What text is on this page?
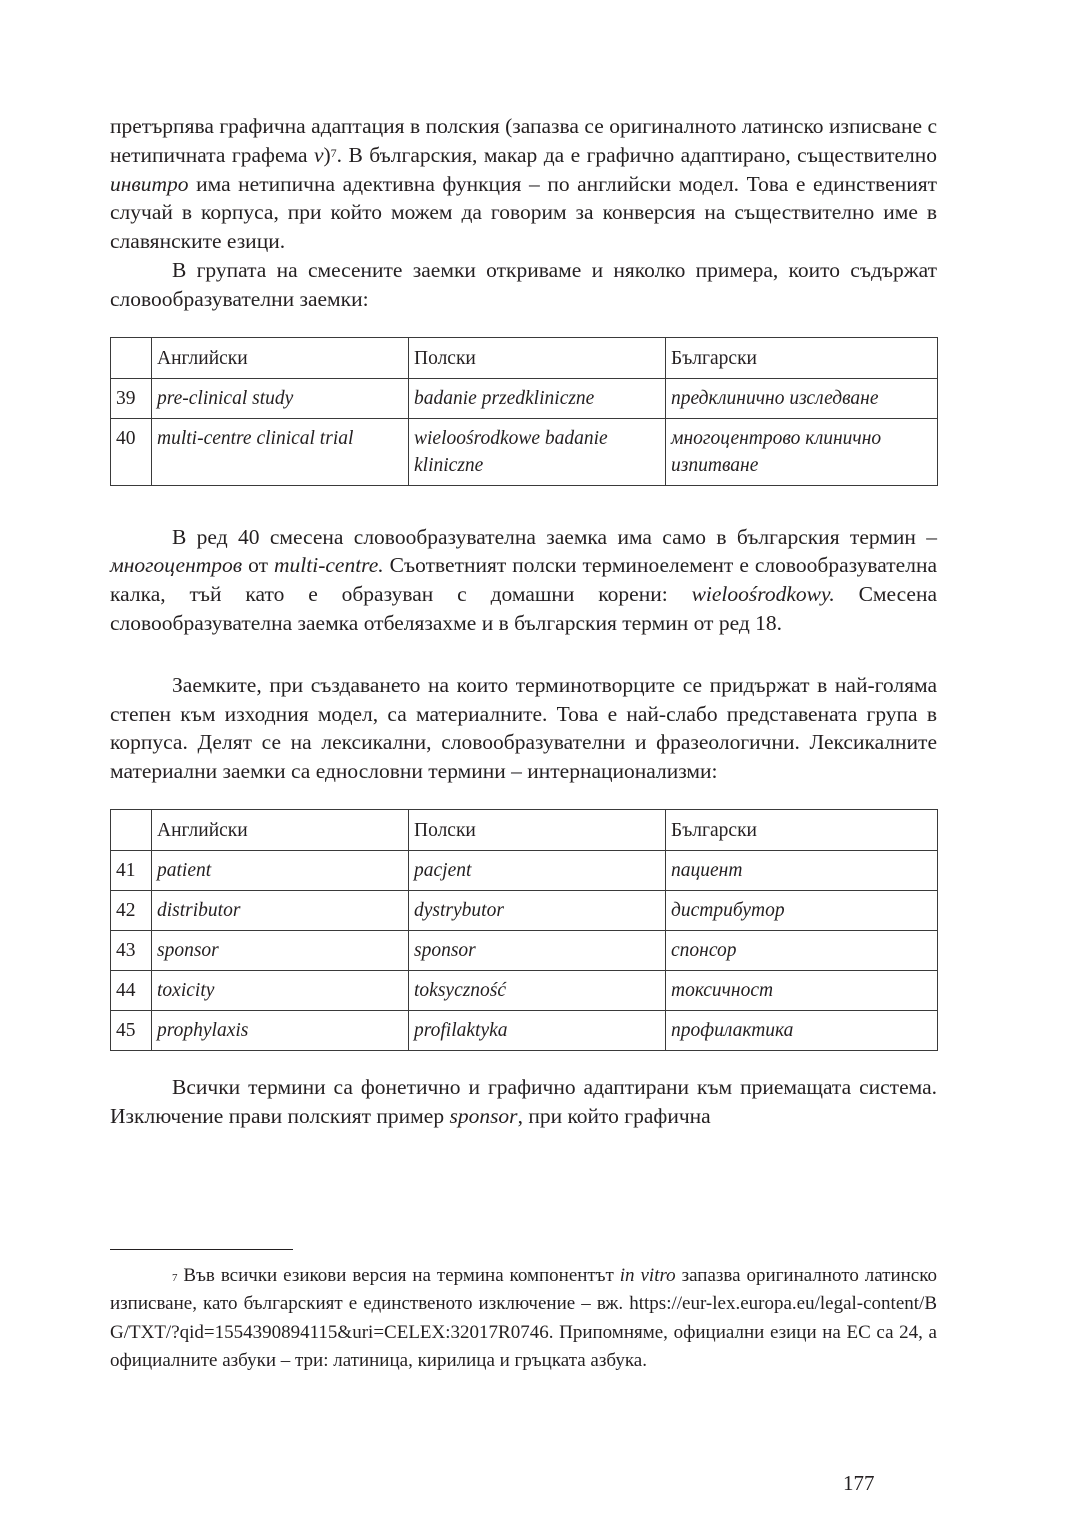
претърпява графична адаптация в полския (запазва се оригиналното латинско изписване с нетипичната графема v)$^7$. В българския, макар да е графично адаптирано, съществително инвитро има нетипична адективна функция – по английски модел. Това е единственият случай в корпуса, при който можем да говорим за конверсия на съществително име в славянските езици.

В групата на смесените заемки откриваме и няколко примера, които съдържат словообразувателни заемки:

	Английски	Полски	Български
39	pre-clinical study	badanie przedkliniczne	предклинично изследване
40	multi-centre clinical trial	wieloośrodkowe badanie kliniczne	многоцентрово клинично изпитване

В ред 40 смесена словообразувателна заемка има само в българския термин – многоцентров от multi-centre. Съответният полски терминоелемент е словообразувателна калка, тъй като е образуван с домашни корени: wieloośrodkowy. Смесена словообразувателна заемка отбелязахме и в българския термин от ред 18.

Заемките, при създаването на които терминотворците се придържат в най-голяма степен към изходния модел, са материалните. Това е най-слабо представената група в корпуса. Делят се на лексикални, словообразувателни и фразеологични. Лексикалните материални заемки са еднословни термини – интернационализми:

	Английски	Полски	Български
41	patient	pacjent	пациент
42	distributor	dystrybutor	дистрибутор
43	sponsor	sponsor	спонсор
44	toxicity	toksyczność	токсичност
45	prophylaxis	profilaktyka	профилактика

Всички термини са фонетично и графично адаптирани към приемащата система. Изключение прави полският пример sponsor, при който графична

$^7$ Във всички езикови версия на термина компонентът in vitro запазва оригиналното латинско изписване, като българският е единственото изключение – вж. https://eur-lex.europa.eu/legal-content/BG/TXT/?qid=1554390894115&uri=CELEX:32017R0746. Припомняме, официални езици на ЕС са 24, а официалните азбуки – три: латиница, кирилица и гръцката азбука.

177
